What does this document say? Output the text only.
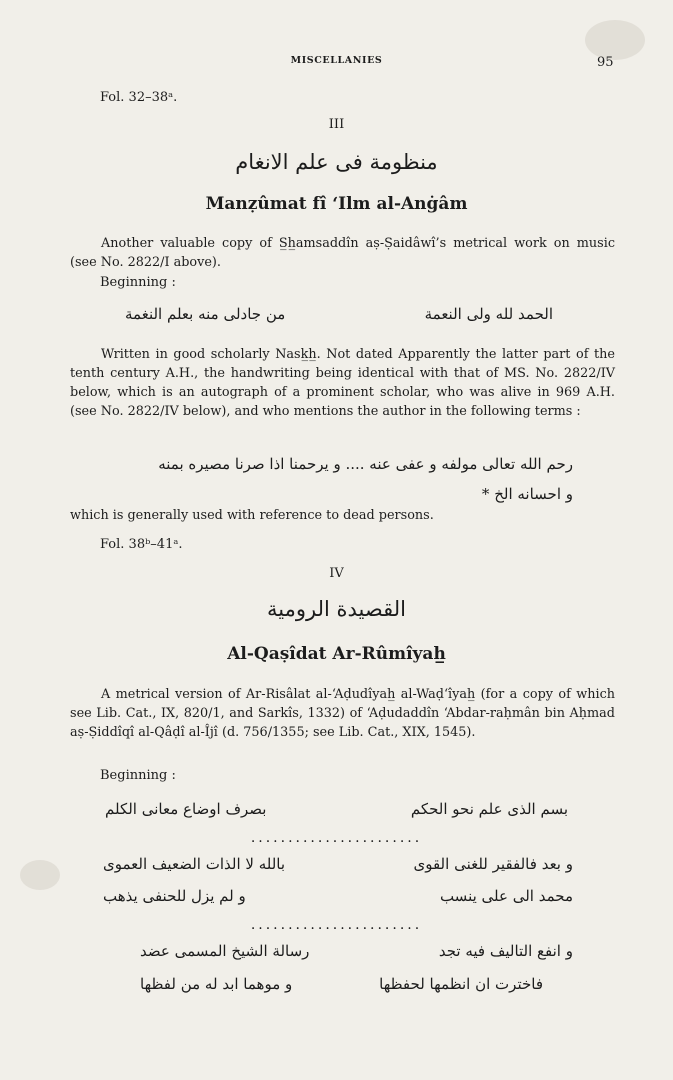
MISCELLANIES	95
Fol. 32–38ᵃ.
III
منظومة فى علم الانغام
Manẓûmat fî ʻIlm al-Anġâm
Another valuable copy of S̲h̲amsaddîn aṣ-Ṣaidâwî’s metrical work on music (see No. 2822/I above).
Beginning :
الحمد لله ولى النعمة
من جادلى منه بعلم النغمة
Written in good scholarly Nask̲h̲. Not dated Apparently the latter part of the tenth century A.H., the handwriting being identical with that of MS. No. 2822/IV below, which is an autograph of a prominent scholar, who was alive in 969 A.H. (see No. 2822/IV below), and who mentions the author in the following terms :
رحم الله تعالى مولفه و عفى عنه .... و يرحمنا اذا صرنا مصيره بمنه
و احسانه الخ *
which is generally used with reference to dead persons.
Fol. 38ᵇ–41ᵃ.
IV
القصيدة الرومية
Al-Qaṣîdat Ar-Rûmîyah̲
A metrical version of Ar-Risâlat al-ʻAḍudîyah̲ al-Waḍʻîyah̲ (for a copy of which see Lib. Cat., IX, 820/1, and Sarkîs, 1332) of ʻAḍudaddîn ʻAbdar-raḥmân bin Aḥmad aṣ-Ṣiddîqî al-Qâḍî al-Îjî (d. 756/1355; see Lib. Cat., XIX, 1545).
Beginning :
بسم الذى علم نحو الحكم
بصرف اوضاع معانى الكلم
.......................
و بعد فالفقير للغنى القوى
بالله لا الذات الضعيف العموى
محمد الى على ينسب
و لم يزل للحنفى يذهب
.......................
و انفع التاليف فيه تجد
رسالة الشيخ المسمى عضد
فاخترت ان انظمها لحفظها
و موهما ابد له من لفظها
